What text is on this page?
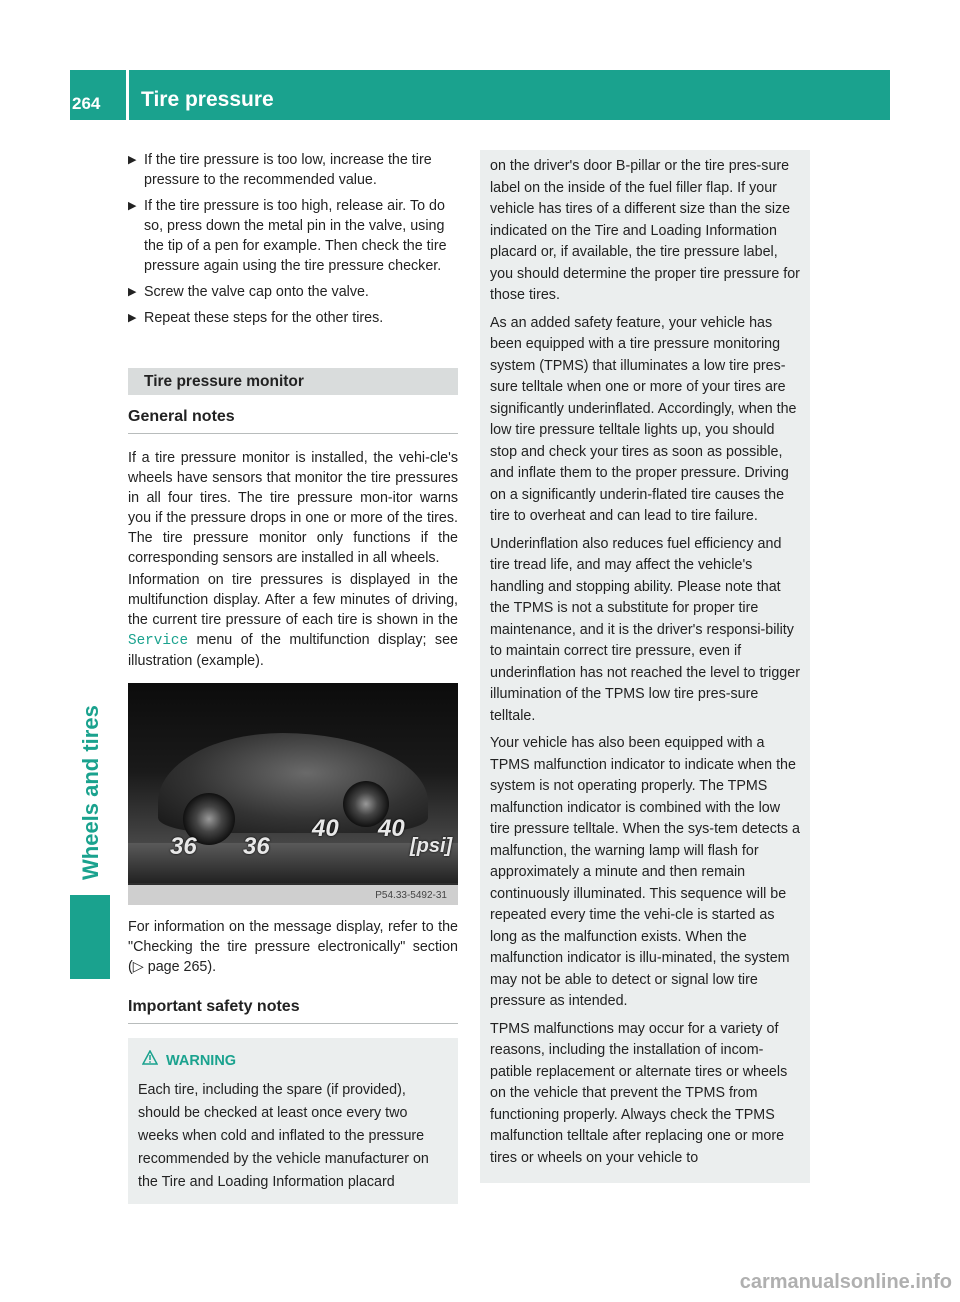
264	Tire pressure
Wheels and tires
▶ If the tire pressure is too low, increase the tire pressure to the recommended value.
▶ If the tire pressure is too high, release air. To do so, press down the metal pin in the valve, using the tip of a pen for example. Then check the tire pressure again using the tire pressure checker.
▶ Screw the valve cap onto the valve.
▶ Repeat these steps for the other tires.
Tire pressure monitor
General notes
If a tire pressure monitor is installed, the vehi-cle's wheels have sensors that monitor the tire pressures in all four tires. The tire pressure mon-itor warns you if the pressure drops in one or more of the tires. The tire pressure monitor only functions if the corresponding sensors are installed in all wheels.
Information on tire pressures is displayed in the multifunction display. After a few minutes of driving, the current tire pressure of each tire is shown in the Service menu of the multifunction display; see illustration (example).
36 36
40 40
[psi]
P54.33-5492-31
For information on the message display, refer to the "Checking the tire pressure electronically" section (▷ page 265).
Important safety notes
WARNING
Each tire, including the spare (if provided), should be checked at least once every two weeks when cold and inflated to the pressure recommended by the vehicle manufacturer on the Tire and Loading Information placard
on the driver's door B-pillar or the tire pres-sure label on the inside of the fuel filler flap. If your vehicle has tires of a different size than the size indicated on the Tire and Loading Information placard or, if available, the tire pressure label, you should determine the proper tire pressure for those tires.
As an added safety feature, your vehicle has been equipped with a tire pressure monitoring system (TPMS) that illuminates a low tire pres-sure telltale when one or more of your tires are significantly underinflated. Accordingly, when the low tire pressure telltale lights up, you should stop and check your tires as soon as possible, and inflate them to the proper pressure. Driving on a significantly underin-flated tire causes the tire to overheat and can lead to tire failure.
Underinflation also reduces fuel efficiency and tire tread life, and may affect the vehicle's handling and stopping ability. Please note that the TPMS is not a substitute for proper tire maintenance, and it is the driver's responsi-bility to maintain correct tire pressure, even if underinflation has not reached the level to trigger illumination of the TPMS low tire pres-sure telltale.
Your vehicle has also been equipped with a TPMS malfunction indicator to indicate when the system is not operating properly. The TPMS malfunction indicator is combined with the low tire pressure telltale. When the sys-tem detects a malfunction, the warning lamp will flash for approximately a minute and then remain continuously illuminated. This sequence will be repeated every time the vehi-cle is started as long as the malfunction exists. When the malfunction indicator is illu-minated, the system may not be able to detect or signal low tire pressure as intended.
TPMS malfunctions may occur for a variety of reasons, including the installation of incom-patible replacement or alternate tires or wheels on the vehicle that prevent the TPMS from functioning properly. Always check the TPMS malfunction telltale after replacing one or more tires or wheels on your vehicle to
carmanualsonline.info
